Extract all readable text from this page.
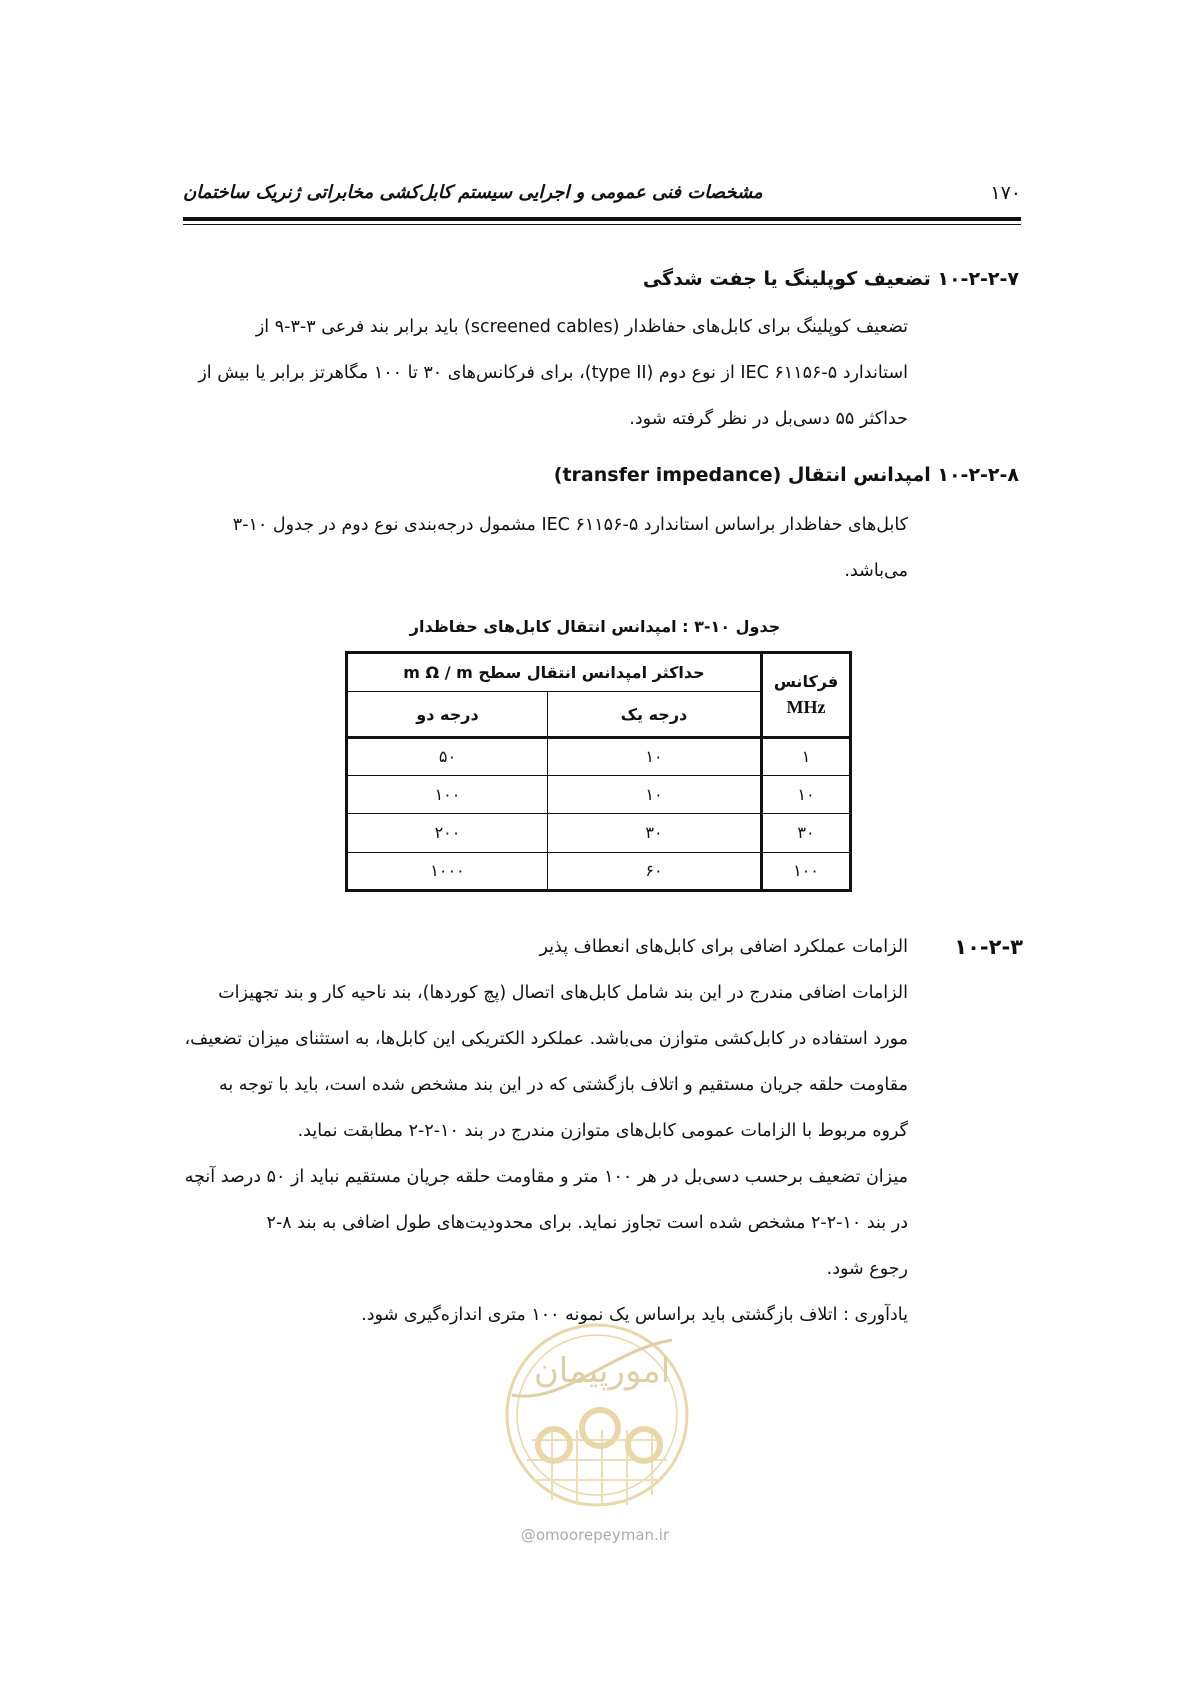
مشخصات فنی عمومی و اجرایی سیستم کابل‌کشی مخابراتی ژنریک ساختمان	۱۷۰
۱۰-۲-۲-۷ تضعیف کوپلینگ یا جفت شدگی

تضعیف کوپلینگ برای کابل‌های حفاظدار (screened cables) باید برابر بند فرعی ۳-۳-۹ از

استاندارد ۵-۶۱۱۵۶ IEC از نوع دوم (type II)، برای فرکانس‌های ۳۰ تا ۱۰۰ مگاهرتز برابر یا بیش از

حداکثر ۵۵ دسی‌بل در نظر گرفته شود.

۱۰-۲-۲-۸ امپدانس انتقال (transfer impedance)

کابل‌های حفاظدار براساس استاندارد ۵-۶۱۱۵۶ IEC مشمول درجه‌بندی نوع دوم در جدول ۱۰-۳

می‌باشد.

جدول ۱۰-۳ : امپدانس انتقال کابل‌های حفاظدار
فرکانس
MHz	حداکثر امپدانس انتقال سطح m Ω / m	
	درجه یک	درجه دو
۱	۱۰	۵۰
۱۰	۱۰	۱۰۰
۳۰	۳۰	۲۰۰
۱۰۰	۶۰	۱۰۰۰
۱۰-۲-۳
الزامات عملکرد اضافی برای کابل‌های انعطاف پذیر

الزامات اضافی مندرج در این بند شامل کابل‌های اتصال (پچ کوردها)، بند ناحیه کار و بند تجهیزات

مورد استفاده در کابل‌کشی متوازن می‌باشد. عملکرد الکتریکی این کابل‌ها، به استثنای میزان تضعیف،

مقاومت حلقه جریان مستقیم و اتلاف بازگشتی که در این بند مشخص شده است، باید با توجه به

گروه مربوط با الزامات عمومی کابل‌های متوازن مندرج در بند ۱۰-۲-۲ مطابقت نماید.

میزان تضعیف برحسب دسی‌بل در هر ۱۰۰ متر و مقاومت حلقه جریان مستقیم نباید از ۵۰ درصد آنچه

در بند ۱۰-۲-۲ مشخص شده است تجاوز نماید. برای محدودیت‌های طول اضافی به بند ۸-۲

رجوع شود.

یادآوری : اتلاف بازگشتی باید براساس یک نمونه ۱۰۰ متری اندازه‌گیری شود.

امورپیمان
@omoorepeyman.ir
